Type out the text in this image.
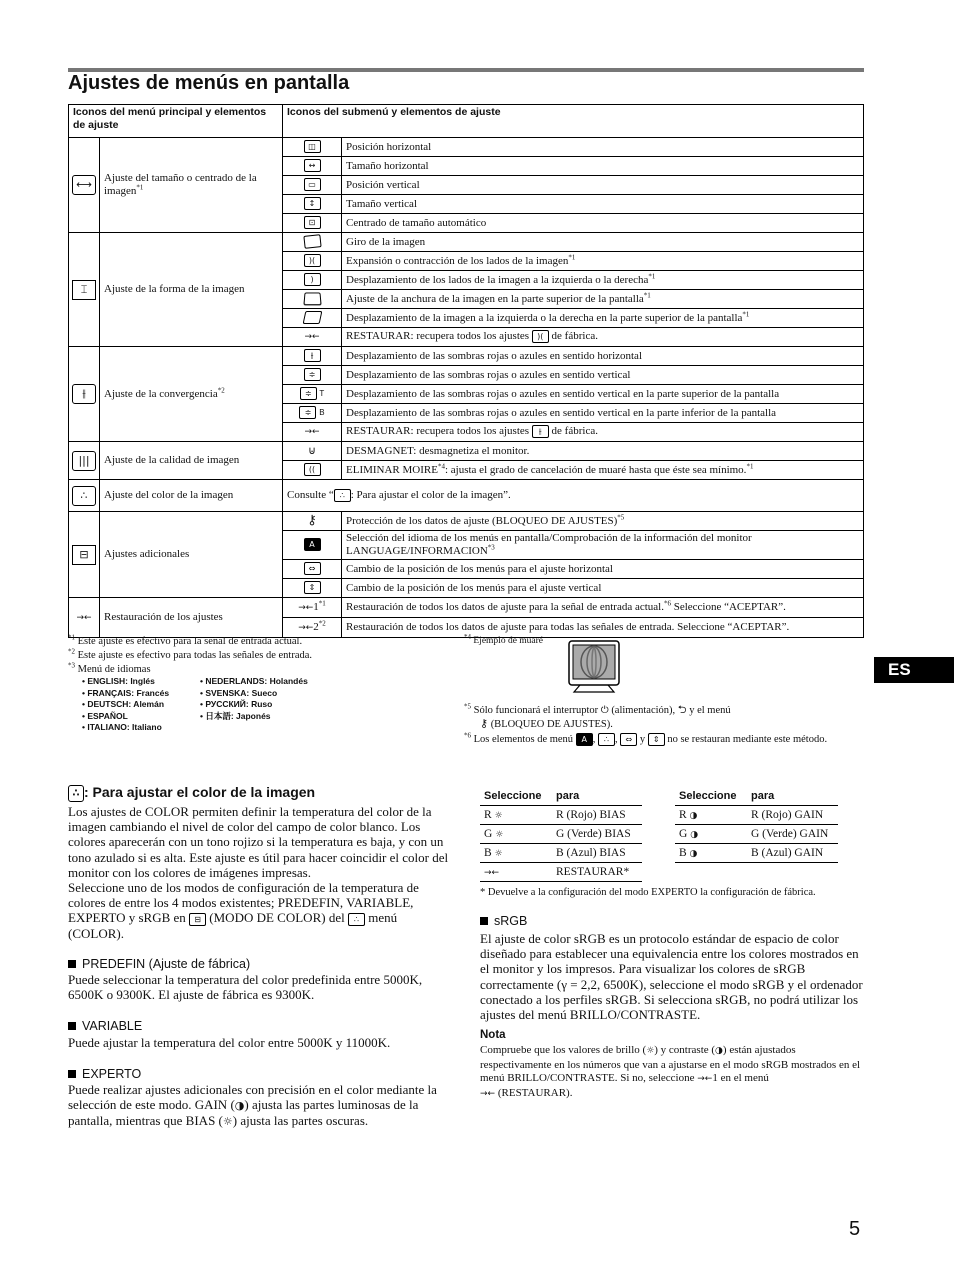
Ajustes de menús en pantalla
Iconos del menú principal y elementos de ajuste		Iconos del submenú y elementos de ajuste	
⟷	Ajuste del tamaño o centrado de la imagen$^{*1}$	◫	Posición horizontal
		↔	Tamaño horizontal
		▭	Posición vertical
		↕	Tamaño vertical
		⊡	Centrado de tamaño automático
⌶	Ajuste de la forma de la imagen		Giro de la imagen
		)(	Expansión o contracción de los lados de la imagen$^{*1}$
		)	Desplazamiento de los lados de la imagen a la izquierda o la derecha$^{*1}$
			Ajuste de la anchura de la imagen en la parte superior de la pantalla$^{*1}$
			Desplazamiento de la imagen a la izquierda o la derecha en la parte superior de la pantalla$^{*1}$
		→←	RESTAURAR: recupera todos los ajustes )( de fábrica.
⫲	Ajuste de la convergencia$^{*2}$	⫲	Desplazamiento de las sombras rojas o azules en sentido horizontal
		≑	Desplazamiento de las sombras rojas o azules en sentido vertical
		≑ T	Desplazamiento de las sombras rojas o azules en sentido vertical en la parte superior de la pantalla
		≑ B	Desplazamiento de las sombras rojas o azules en sentido vertical en la parte inferior de la pantalla
		→←	RESTAURAR: recupera todos los ajustes ⫲ de fábrica.
|||	Ajuste de la calidad de imagen	⊍	DESMAGNET: desmagnetiza el monitor.
		((	ELIMINAR MOIRE$^{*4}$: ajusta el grado de cancelación de muaré hasta que éste sea mínimo.$^{*1}$
∴	Ajuste del color de la imagen	Consulte “ ∴ : Para ajustar el color de la imagen”.	
⊟	Ajustes adicionales	⚷	Protección de los datos de ajuste (BLOQUEO DE AJUSTES)$^{*5}$
		A	Selección del idioma de los menús en pantalla/Comprobación de la información del monitor LANGUAGE/INFORMACION$^{*3}$
		⇔	Cambio de la posición de los menús para el ajuste horizontal
		⇕	Cambio de la posición de los menús para el ajuste vertical
→←	Restauración de los ajustes	$\to\leftarrow 1^{*1}$	Restauración de todos los datos de ajuste para la señal de entrada actual.$^{*6}$ Seleccione “ACEPTAR”.
		$\to\leftarrow 2^{*2}$	Restauración de todos los datos de ajuste para todas las señales de entrada. Seleccione “ACEPTAR”.
$^{*1}$ Este ajuste es efectivo para la señal de entrada actual.
$^{*2}$ Este ajuste es efectivo para todas las señales de entrada.
$^{*3}$ Menú de idiomas
• ENGLISH: Inglés
• FRANÇAIS: Francés
• DEUTSCH: Alemán
• ESPAÑOL
• ITALIANO: Italiano
• NEDERLANDS: Holandés
• SVENSKA: Sueco
• РУССКИЙ: Ruso
• 日本語: Japonés
$^{*4}$ Ejemplo de muaré
$^{*5}$ Sólo funcionará el interruptor ⏻ (alimentación), ⮌ y el menú
⚷ (BLOQUEO DE AJUSTES).
$^{*6}$ Los elementos de menú A , ∴ , ⇔ y ⇕ no se restauran mediante este método.
ES
∴ : Para ajustar el color de la imagen

Los ajustes de COLOR permiten definir la temperatura del color de la imagen cambiando el nivel de color del campo de color blanco. Los colores aparecerán con un tono rojizo si la temperatura es baja, y con un tono azulado si es alta. Este ajuste es útil para hacer coincidir el color del monitor con los colores de imágenes impresas.
Seleccione uno de los modos de configuración de la temperatura de colores de entre los 4 modos existentes; PREDEFIN, VARIABLE, EXPERTO y sRGB en ⊟ (MODO DE COLOR) del ∴ menú (COLOR).

PREDEFIN (Ajuste de fábrica)

Puede seleccionar la temperatura del color predefinida entre 5000K, 6500K o 9300K. El ajuste de fábrica es 9300K.

VARIABLE

Puede ajustar la temperatura del color entre 5000K y 11000K.

EXPERTO

Puede realizar ajustes adicionales con precisión en el color mediante la selección de este modo. GAIN (◑) ajusta las partes luminosas de la pantalla, mientras que BIAS (☼) ajusta las partes oscuras.

Seleccione	para
R ☼	R (Rojo) BIAS
G ☼	G (Verde) BIAS
B ☼	B (Azul) BIAS
→←	RESTAURAR*
Seleccione	para
R ◑	R (Rojo) GAIN
G ◑	G (Verde) GAIN
B ◑	B (Azul) GAIN
* Devuelve a la configuración del modo EXPERTO la configuración de fábrica.
sRGB

El ajuste de color sRGB es un protocolo estándar de espacio de color diseñado para establecer una equivalencia entre los colores mostrados en el monitor y los impresos. Para visualizar los colores de sRGB correctamente (γ = 2,2, 6500K), seleccione el modo sRGB y el ordenador conectado a los perfiles sRGB. Si selecciona sRGB, no podrá utilizar los ajustes del menú BRILLO/CONTRASTE.

Nota

Compruebe que los valores de brillo (☼) y contraste (◑) están ajustados respectivamente en los números que van a ajustarse en el modo sRGB mostrados en el menú BRILLO/CONTRASTE. Si no, seleccione →←1 en el menú
→← (RESTAURAR).

5
